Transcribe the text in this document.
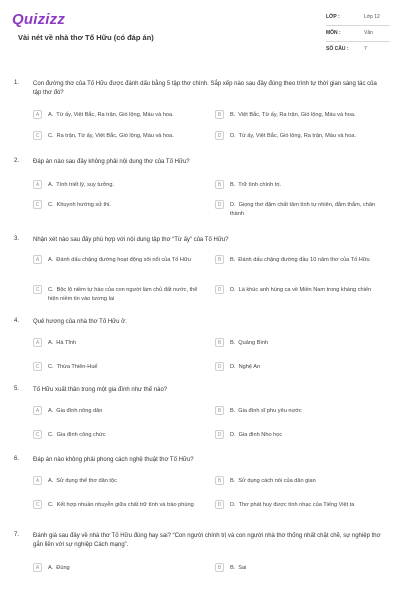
Quizizz
Vài nét về nhà thơ Tố Hữu (có đáp án)
LỚP :	Lớp 12
MÔN :	Văn
SỐ CÂU :	7
1. Con đường thơ của Tố Hữu được đánh dấu bằng 5 tập thơ chính. Sắp xếp nào sau đây đúng theo trình tự thời gian sáng tác của tập thơ đó?
A	A. Từ ấy, Việt Bắc, Ra trận, Gió lộng, Máu và hoa.	B	B. Việt Bắc, Từ ấy, Ra trận, Gió lộng, Máu và hoa.
C	C. Ra trận, Từ ấy, Việt Bắc, Gió lộng, Máu và hoa.	D	D. Từ ấy, Việt Bắc, Gió lộng, Ra trận, Máu và hoa.
2. Đáp án nào sau đây không phải nội dung thơ của Tố Hữu?
A	A. Tính triết lý, suy tưởng.	B	B. Trữ tình chính trị.
C	C. Khuynh hướng sử thi.	D	D. Giọng thơ đậm chất tâm tình tự nhiên, đằm thắm, chân thành
3. Nhận xét nào sau đây phù hợp với nội dung tập thơ “Từ ấy” của Tố Hữu?
A	A. Đánh dấu chặng đường hoạt động sôi nổi của Tố Hữu	B	B. Đánh dấu chặng đường đầu 10 năm thơ của Tố Hữu
C	C. Bộc lộ niềm tự hào của con người làm chủ đất nước, thể hiện niềm tin vào tương lai
D	D. Là khúc anh hùng ca về Miền Nam trong kháng chiến
4. Quê hương của nhà thơ Tố Hữu ở:
A	A. Hà Tĩnh	B	B. Quảng Bình
C	C. Thừa Thiên-Huế	D	D. Nghệ An
5. Tố Hữu xuất thân trong một gia đình như thế nào?
A	A. Gia đình nông dân	B	B. Gia đình sĩ phu yêu nước
C	C. Gia đình công chức	D	D. Gia đình Nho học
6. Đáp án nào không phải phong cách nghệ thuật thơ Tố Hữu?
A	A. Sử dụng thể thơ dân tộc	B	B. Sử dụng cách nói của dân gian
C	C. Kết hợp nhuần nhuyễn giữa chất trữ tình và trào phúng	D	D. Thơ phát huy được tính nhạc của Tiếng Việt ta
7. Đánh giá sau đây về nhà thơ Tố Hữu đúng hay sai? “Con người chính trị và con người nhà thơ thống nhất chặt chẽ, sự nghiệp thơ gắn liền với sự nghiệp Cách mạng”.
A	A. Đúng	B	B. Sai
